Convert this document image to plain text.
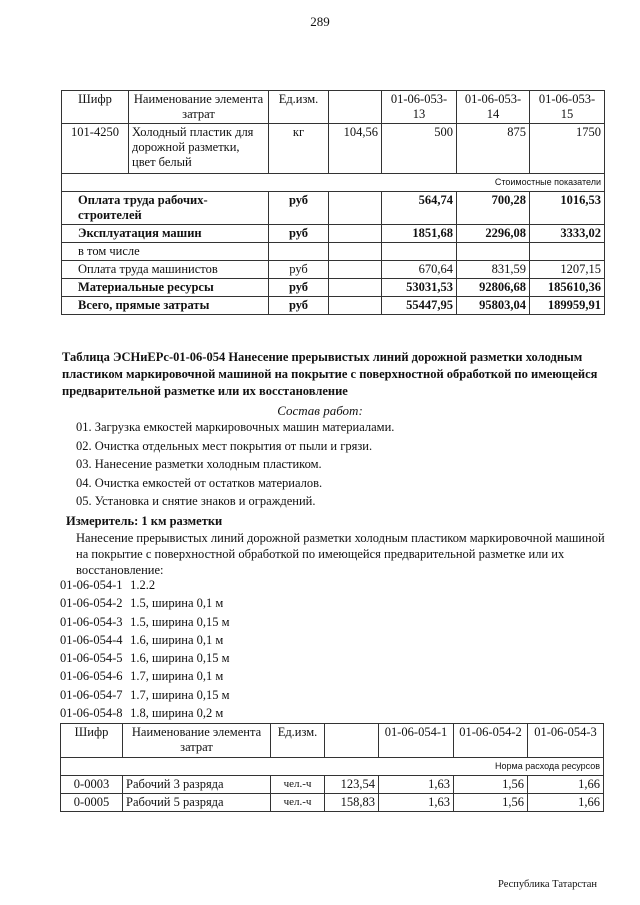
289
Шифр	Наименование элемента затрат	Ед.изм.		01-06-053-13	01-06-053-14	01-06-053-15
101-4250	Холодный пластик для дорожной разметки, цвет белый	кг	104,56	500	875	1750
Стоимостные показатели						
Оплата труда рабочих-строителей		руб		564,74	700,28	1016,53
Эксплуатация машин		руб		1851,68	2296,08	3333,02
в том числе						
Оплата труда машинистов		руб		670,64	831,59	1207,15
Материальные ресурсы		руб		53031,53	92806,68	185610,36
Всего, прямые затраты		руб		55447,95	95803,04	189959,91
Таблица ЭСНиЕРс-01-06-054 Нанесение прерывистых линий дорожной разметки холодным пластиком маркировочной машиной на покрытие с поверхностной обработкой по имеющейся предварительной разметке или их восстановление
Состав работ:
01. Загрузка емкостей маркировочных машин материалами.
02. Очистка отдельных мест покрытия от пыли и грязи.
03. Нанесение разметки холодным пластиком.
04. Очистка емкостей от остатков материалов.
05. Установка и снятие знаков и ограждений.
Измеритель: 1 км разметки
Нанесение прерывистых линий дорожной разметки холодным пластиком маркировочной машиной на покрытие с поверхностной обработкой по имеющейся предварительной разметке или их восстановление:
01-06-054-1 1.2.2
01-06-054-2 1.5, ширина 0,1 м
01-06-054-3 1.5, ширина 0,15 м
01-06-054-4 1.6, ширина 0,1 м
01-06-054-5 1.6, ширина 0,15 м
01-06-054-6 1.7, ширина 0,1 м
01-06-054-7 1.7, ширина 0,15 м
01-06-054-8 1.8, ширина 0,2 м
Шифр	Наименование элемента затрат	Ед.изм.		01-06-054-1	01-06-054-2	01-06-054-3
Норма расхода ресурсов						
0-0003	Рабочий 3 разряда	чел.-ч	123,54	1,63	1,56	1,66
0-0005	Рабочий 5 разряда	чел.-ч	158,83	1,63	1,56	1,66
Республика Татарстан
